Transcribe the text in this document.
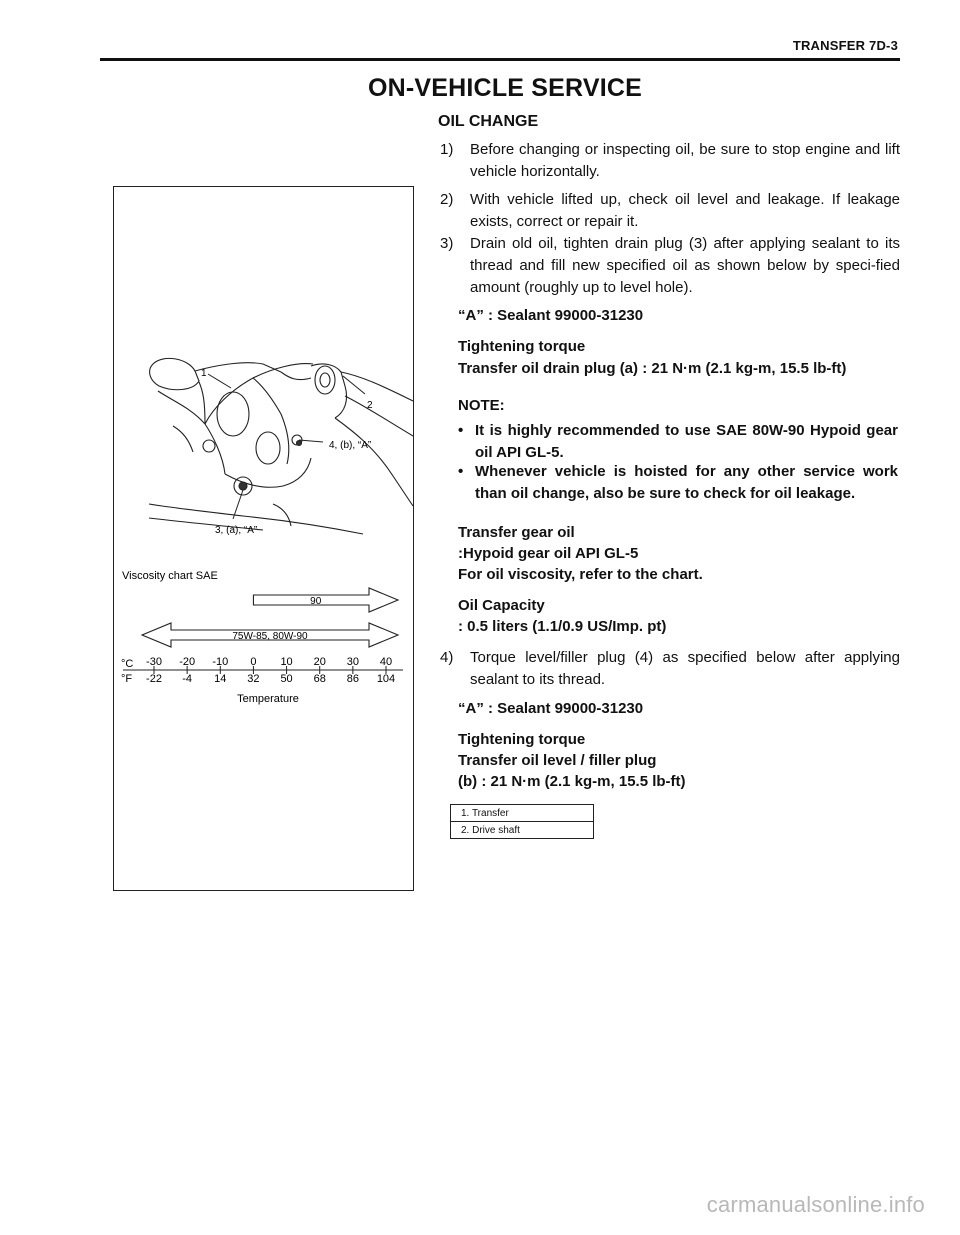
TRANSFER 7D-3
ON-VEHICLE SERVICE
OIL CHANGE
1)	Before changing or inspecting oil, be sure to stop engine and lift vehicle horizontally.
2)	With vehicle lifted up, check oil level and leakage. If leakage exists, correct or repair it.
3)	Drain old oil, tighten drain plug (3) after applying sealant to its thread and fill new specified oil as shown below by speci-fied amount (roughly up to level hole).
“A” : Sealant 99000-31230
Tightening torque
Transfer oil drain plug (a) : 21 N·m (2.1 kg-m, 15.5 lb-ft)
NOTE:
• It is highly recommended to use SAE 80W-90 Hypoid gear oil API GL-5.
• Whenever vehicle is hoisted for any other service work than oil change, also be sure to check for oil leakage.
Transfer gear oil
:Hypoid gear oil API GL-5
For oil viscosity, refer to the chart.
Oil Capacity
: 0.5 liters (1.1/0.9 US/Imp. pt)
4)	Torque level/filler plug (4) as specified below after applying sealant to its thread.
“A” : Sealant 99000-31230
Tightening torque
Transfer oil level / filler plug
(b) : 21 N·m (2.1 kg-m, 15.5 lb-ft)
1. Transfer
2. Drive shaft
1
2
4, (b), “A”
3, (a), “A”
Viscosity chart SAE
90
75W-85, 80W-90
-30
-22
-20
-4
-10
14
0
32
10
50
20
68
30
86
40
104
°C
°F
Temperature
carmanualsonline.info
